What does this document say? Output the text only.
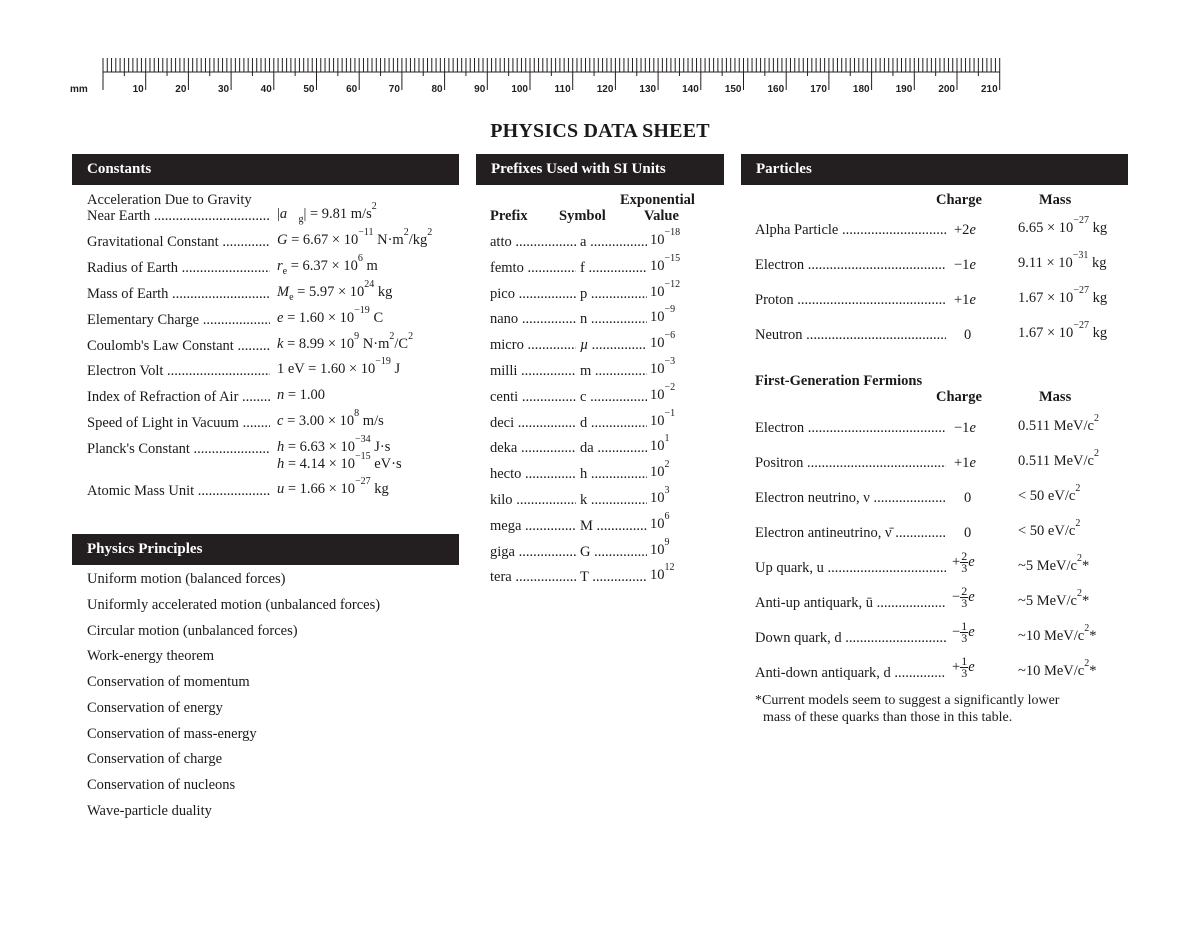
mm	10	20	30	40	50	60	70	80	90	100	110	120	130	140	150	160	170	180	190	200	210
PHYSICS DATA SHEET
Constants
Acceleration Due to Gravity
Near Earth .....	$|a⃗_g| = 9.81$ $m/s^2$
Gravitational Constant .....	$G = 6.67 \times 10^{-11}$ $N\cdot m^2/kg^2$
Radius of Earth .....	$r_e = 6.37 \times 10^6$ m
Mass of Earth .....	$M_e = 5.97 \times 10^{24}$ kg
Elementary Charge .....	$e = 1.60 \times 10^{-19}$ C
Coulomb's Law Constant .....	$k = 8.99 \times 10^9$ $N\cdot m^2/C^2$
Electron Volt .....	1 eV = $1.60 \times 10^{-19}$ J
Index of Refraction of Air .....	n = 1.00
Speed of Light in Vacuum .....	$c = 3.00 \times 10^8$ m/s
Planck's Constant .....	$h = 6.63 \times 10^{-34}$ J·s
$h = 4.14 \times 10^{-15}$ eV·s
Atomic Mass Unit .....	$u = 1.66 \times 10^{-27}$ kg
Physics Principles
Uniform motion (balanced forces)
Uniformly accelerated motion (unbalanced forces)
Circular motion (unbalanced forces)
Work-energy theorem
Conservation of momentum
Conservation of energy
Conservation of mass-energy
Conservation of charge
Conservation of nucleons
Wave-particle duality
Prefixes Used with SI Units
Exponential
Prefix Symbol	Value
atto .....	a .....	$10^{-18}$
femto .....	f .....	$10^{-15}$
pico .....	p .....	$10^{-12}$
nano .....	n .....	$10^{-9}$
micro .....	µ .....	$10^{-6}$
milli .....	m .....	$10^{-3}$
centi .....	c .....	$10^{-2}$
deci .....	d .....	$10^{-1}$
deka .....	da .....	$10^1$
hecto .....	h .....	$10^2$
kilo .....	k .....	$10^3$
mega .....	M .....	$10^6$
giga .....	G .....	$10^9$
tera .....	T .....	$10^{12}$
Particles
Charge	Mass
Alpha Particle .....	+2e	$6.65 \times 10^{-27}$ kg
Electron .....	−1e	$9.11 \times 10^{-31}$ kg
Proton .....	+1e	$1.67 \times 10^{-27}$ kg
Neutron .....	0	$1.67 \times 10^{-27}$ kg
First-Generation Fermions
Charge	Mass
Electron .....	−1e	0.511 MeV/$c^2$
Positron .....	+1e	0.511 MeV/$c^2$
Electron neutrino, ν .....	0	< 50 $eV/c^2$
Electron antineutrino, ν̄ .....	0	< 50 $eV/c^2$
Up quark, u .....	+ $\frac{2}{3}$ e	~5 MeV/$c^2*$
Anti-up antiquark, ū .....	− $\frac{2}{3}$ e	~5 MeV/$c^2*$
Down quark, d .....	− $\frac{1}{3}$ e	~10 MeV/$c^2*$
Anti-down antiquark, d̄ .....	+ $\frac{1}{3}$ e	~10 MeV/$c^2*$
*Current models seem to suggest a significantly lower
mass of these quarks than those in this table.
